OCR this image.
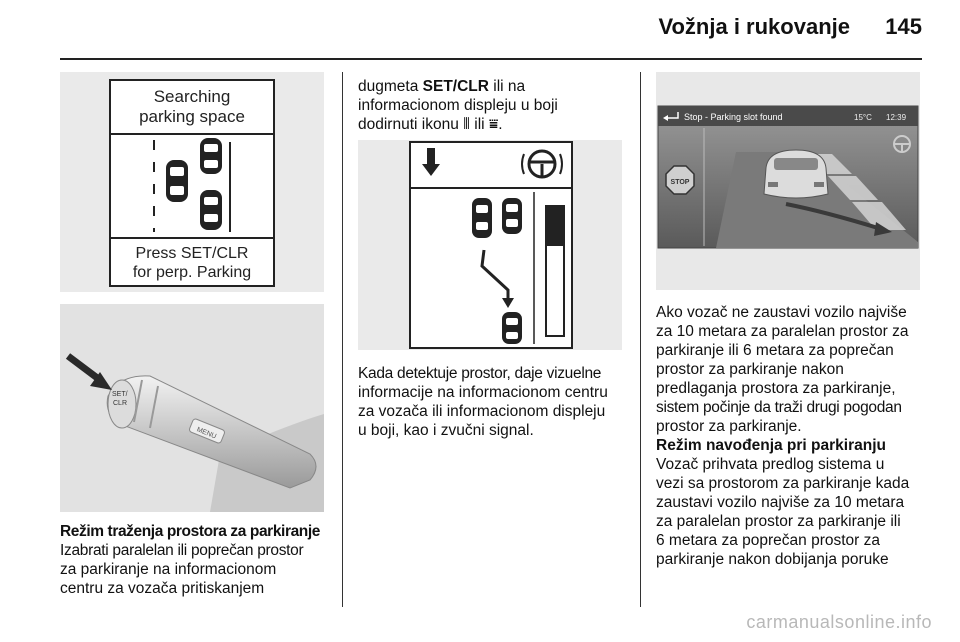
Vožnja i rukovanje	145
Searching
parking space
Press SET/CLR
for perp. Parking
SET/
CLR
MENU
Stop - Parking slot found	15°C 12:39
STOP
Režim traženja prostora za parkiranje
Izabrati paralelan ili poprečan prostor
za parkiranje na informacionom
centru za vozača pritiskanjem
dugmeta SET/CLR ili na
informacionom displeju u boji
dodirnuti ikonu ⦀ ili ⩸.
Kada detektuje prostor, daje vizuelne
informacije na informacionom centru
za vozača ili informacionom displeju
u boji, kao i zvučni signal.
Ako vozač ne zaustavi vozilo najviše
za 10 metara za paralelan prostor za
parkiranje ili 6 metara za poprečan
prostor za parkiranje nakon
predlaganja prostora za parkiranje,
sistem počinje da traži drugi pogodan
prostor za parkiranje.
Režim navođenja pri parkiranju
Vozač prihvata predlog sistema u
vezi sa prostorom za parkiranje kada
zaustavi vozilo najviše za 10 metara
za paralelan prostor za parkiranje ili
6 metara za poprečan prostor za
parkiranje nakon dobijanja poruke
carmanualsonline.info
